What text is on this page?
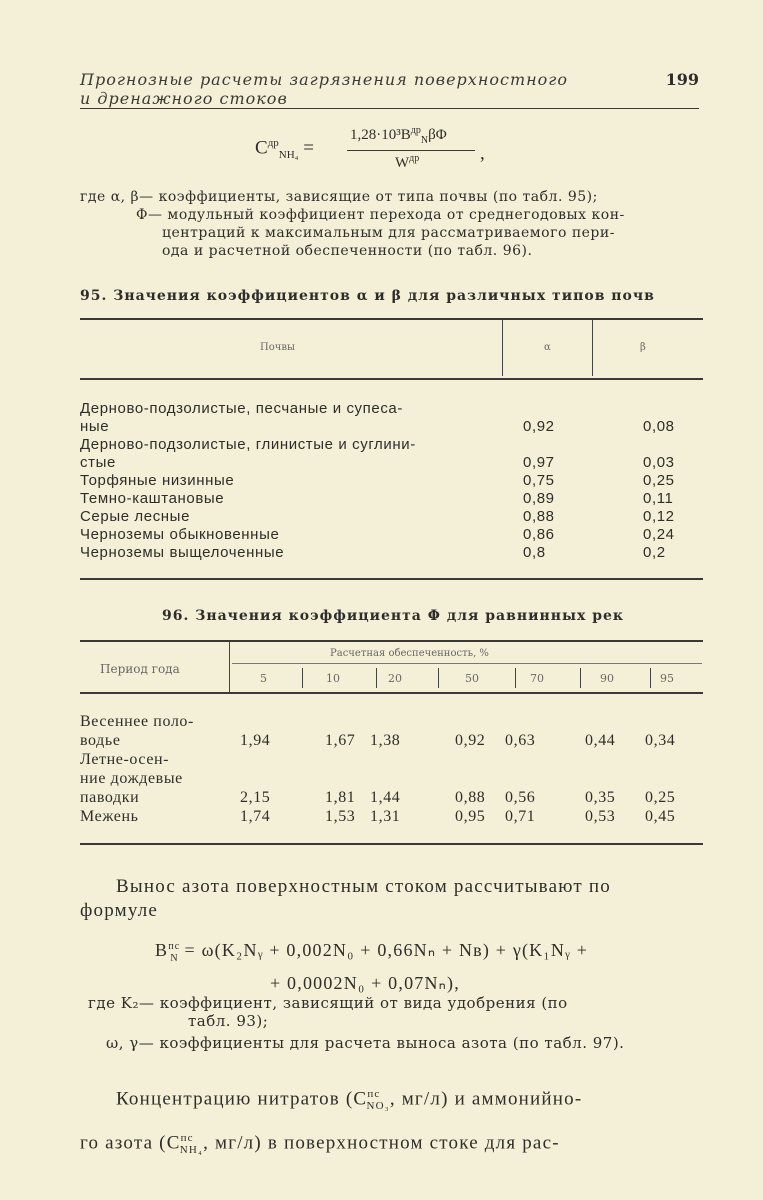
Прогнозные расчеты загрязнения поверхностного
и дренажного стоков
199
$C^{др}_{NH_4}$ =
$1,28\cdot 10^3B^{др}_N\beta\Phi$
$W^{др}$	,
где α, β— коэффициенты, зависящие от типа почвы (по табл. 95);
Φ— модульный коэффициент перехода от среднегодовых кон-
центраций к максимальным для рассматриваемого пери-
ода и расчетной обеспеченности (по табл. 96).
95. Значения коэффициентов α и β для различных типов почв
Почвы	α	β
Дерново-подзолистые, песчаные и супеса-
ные	0,92	0,08
Дерново-подзолистые, глинистые и суглини-
стые	0,97	0,03
Торфяные низинные	0,75	0,25
Темно-каштановые	0,89	0,11
Серые лесные	0,88	0,12
Черноземы обыкновенные	0,86	0,24
Черноземы выщелоченные	0,8	0,2
96. Значения коэффициента Φ для равнинных рек
Период года
Расчетная обеспеченность, %
5	10	20	50	70	90	95
Весеннее поло-
водье	1,94	1,67 1,38	0,92 0,63	0,44 0,34
Летне-осен-
ние дождевые
паводки	2,15	1,81 1,44	0,88 0,56	0,35 0,25
Межень	1,74	1,53 1,31	0,95 0,71	0,53 0,45
Вынос азота поверхностным стоком рассчитывают по
формуле
$B^{пс}_N$ = ω(K₂Nᵧ + 0,002N₀ + 0,66Nₙ + Nв) + γ(K₁Nᵧ +
+ 0,0002N₀ + 0,07Nₙ),
где K₂— коэффициент, зависящий от вида удобрения (по
табл. 93);
ω, γ— коэффициенты для расчета выноса азота (по табл. 97).
Концентрацию нитратов ($C^{пс}_{NO_3}$, мг/л) и аммонийно-
го азота ($C^{пс}_{NH_4}$, мг/л) в поверхностном стоке для рас-
